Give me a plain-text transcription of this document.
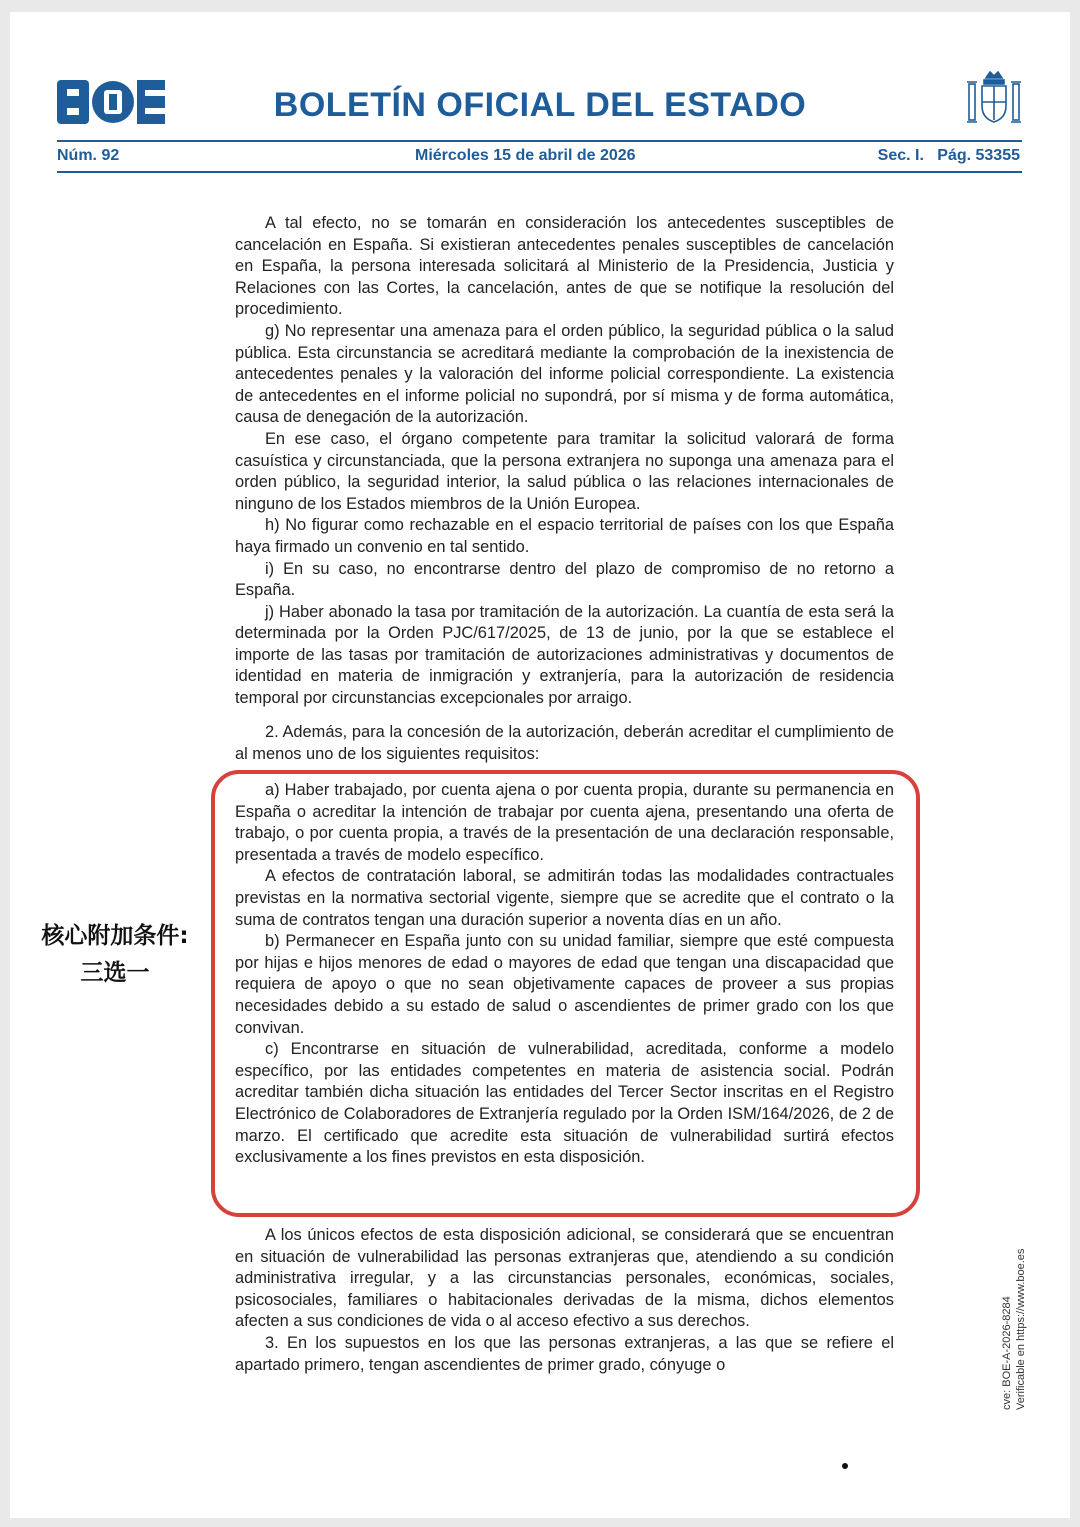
BOLETÍN OFICIAL DEL ESTADO
Núm. 92	Miércoles 15 de abril de 2026	Sec. I. Pág. 53355

A tal efecto, no se tomarán en consideración los antecedentes susceptibles de cancelación en España. Si existieran antecedentes penales susceptibles de cancelación en España, la persona interesada solicitará al Ministerio de la Presidencia, Justicia y Relaciones con las Cortes, la cancelación, antes de que se notifique la resolución del procedimiento.

g) No representar una amenaza para el orden público, la seguridad pública o la salud pública. Esta circunstancia se acreditará mediante la comprobación de la inexistencia de antecedentes penales y la valoración del informe policial correspondiente. La existencia de antecedentes en el informe policial no supondrá, por sí misma y de forma automática, causa de denegación de la autorización.

En ese caso, el órgano competente para tramitar la solicitud valorará de forma casuística y circunstanciada, que la persona extranjera no suponga una amenaza para el orden público, la seguridad interior, la salud pública o las relaciones internacionales de ninguno de los Estados miembros de la Unión Europea.

h) No figurar como rechazable en el espacio territorial de países con los que España haya firmado un convenio en tal sentido.

i) En su caso, no encontrarse dentro del plazo de compromiso de no retorno a España.

j) Haber abonado la tasa por tramitación de la autorización. La cuantía de esta será la determinada por la Orden PJC/617/2025, de 13 de junio, por la que se establece el importe de las tasas por tramitación de autorizaciones administrativas y documentos de identidad en materia de inmigración y extranjería, para la autorización de residencia temporal por circunstancias excepcionales por arraigo.

2. Además, para la concesión de la autorización, deberán acreditar el cumplimiento de al menos uno de los siguientes requisitos:

a) Haber trabajado, por cuenta ajena o por cuenta propia, durante su permanencia en España o acreditar la intención de trabajar por cuenta ajena, presentando una oferta de trabajo, o por cuenta propia, a través de la presentación de una declaración responsable, presentada a través de modelo específico.

A efectos de contratación laboral, se admitirán todas las modalidades contractuales previstas en la normativa sectorial vigente, siempre que se acredite que el contrato o la suma de contratos tengan una duración superior a noventa días en un año.

b) Permanecer en España junto con su unidad familiar, siempre que esté compuesta por hijas e hijos menores de edad o mayores de edad que tengan una discapacidad que requiera de apoyo o que no sean objetivamente capaces de proveer a sus propias necesidades debido a su estado de salud o ascendientes de primer grado con los que convivan.

c) Encontrarse en situación de vulnerabilidad, acreditada, conforme a modelo específico, por las entidades competentes en materia de asistencia social. Podrán acreditar también dicha situación las entidades del Tercer Sector inscritas en el Registro Electrónico de Colaboradores de Extranjería regulado por la Orden ISM/164/2026, de 2 de marzo. El certificado que acredite esta situación de vulnerabilidad surtirá efectos exclusivamente a los fines previstos en esta disposición.

核心附加条件:
三选一

A los únicos efectos de esta disposición adicional, se considerará que se encuentran en situación de vulnerabilidad las personas extranjeras que, atendiendo a su condición administrativa irregular, y a las circunstancias personales, económicas, sociales, psicosociales, familiares o habitacionales derivadas de la misma, dichos elementos afecten a sus condiciones de vida o al acceso efectivo a sus derechos.

3. En los supuestos en los que las personas extranjeras, a las que se refiere el apartado primero, tengan ascendientes de primer grado, cónyuge o	cve: BOE-A-2026-8284 Verificable en https://www.boe.es
